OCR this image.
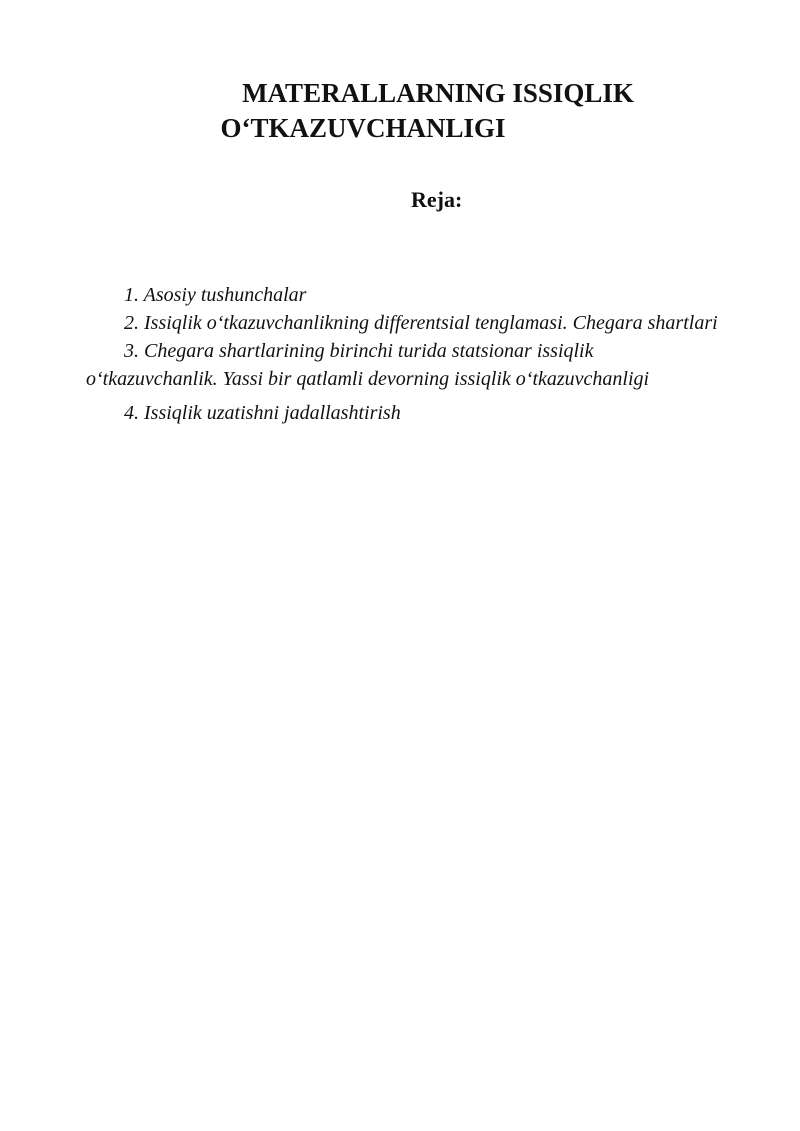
MATERALLARNING ISSIQLIK
O‘TKAZUVCHANLIGI
Reja:
1. Asosiy tushunchalar
2. Issiqlik o‘tkazuvchanlikning differentsial tenglamasi. Chegara shartlari
3. Chegara shartlarining birinchi turida statsionar issiqlik o‘tkazuvchanlik. Yassi bir qatlamli devorning issiqlik o‘tkazuvchanligi
4. Issiqlik uzatishni jadallashtirish
